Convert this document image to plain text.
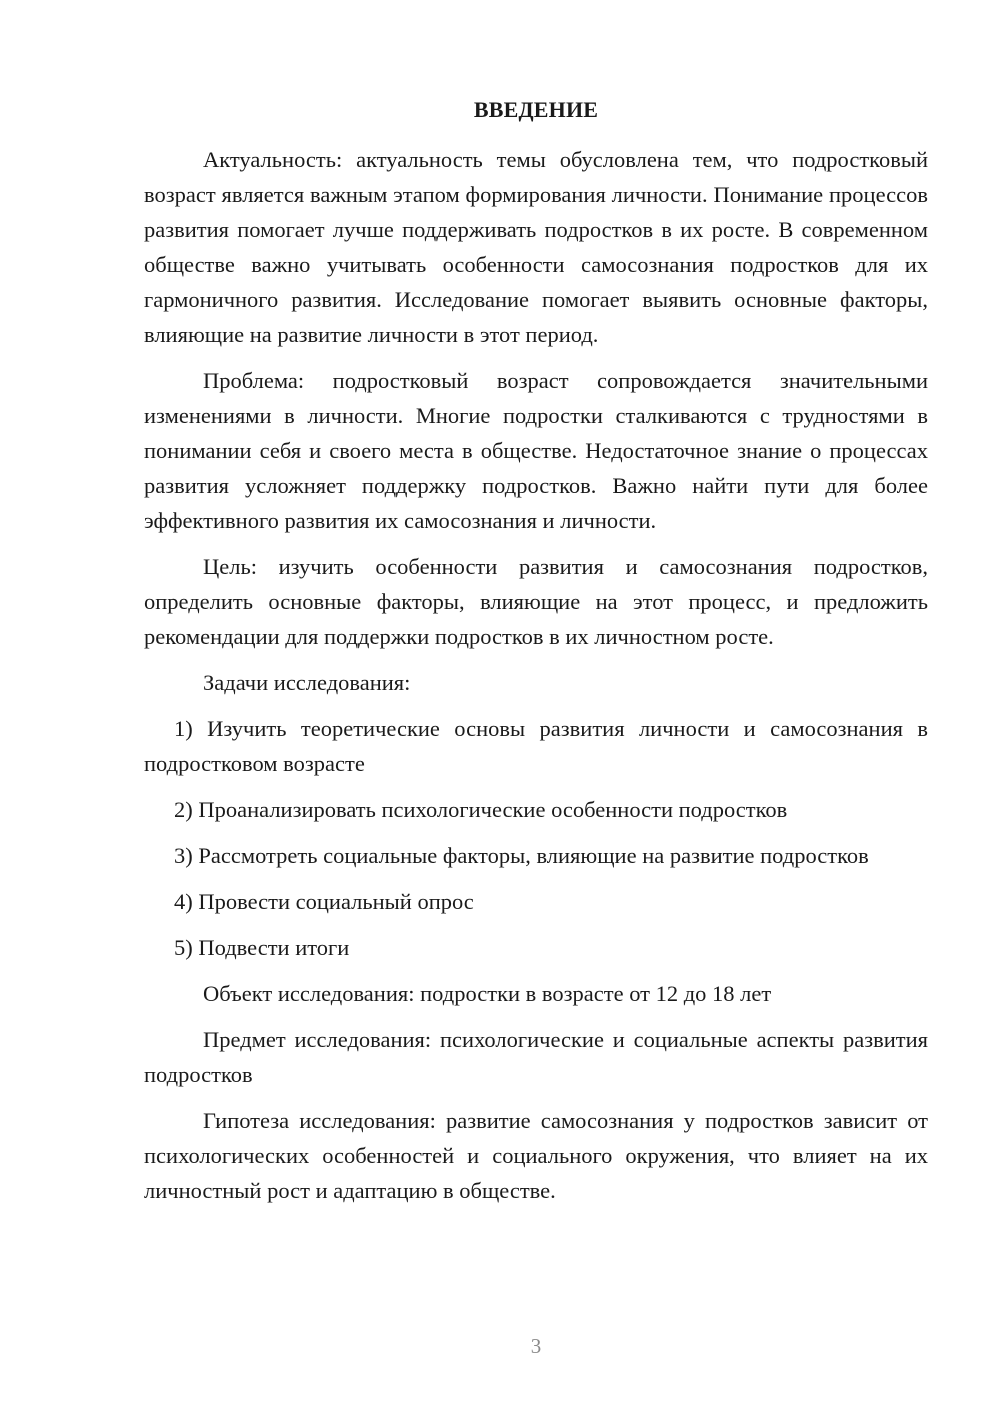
ВВЕДЕНИЕ

Актуальность: актуальность темы обусловлена тем, что подростковый возраст является важным этапом формирования личности. Понимание процессов развития помогает лучше поддерживать подростков в их росте. В современном обществе важно учитывать особенности самосознания подростков для их гармоничного развития. Исследование помогает выявить основные факторы, влияющие на развитие личности в этот период.

Проблема: подростковый возраст сопровождается значительными изменениями в личности. Многие подростки сталкиваются с трудностями в понимании себя и своего места в обществе. Недостаточное знание о процессах развития усложняет поддержку подростков. Важно найти пути для более эффективного развития их самосознания и личности.

Цель: изучить особенности развития и самосознания подростков, определить основные факторы, влияющие на этот процесс, и предложить рекомендации для поддержки подростков в их личностном росте.

Задачи исследования:

1) Изучить теоретические основы развития личности и самосознания в подростковом возрасте

2) Проанализировать психологические особенности подростков

3) Рассмотреть социальные факторы, влияющие на развитие подростков

4) Провести социальный опрос

5) Подвести итоги

Объект исследования: подростки в возрасте от 12 до 18 лет

Предмет исследования: психологические и социальные аспекты развития подростков

Гипотеза исследования: развитие самосознания у подростков зависит от психологических особенностей и социального окружения, что влияет на их личностный рост и адаптацию в обществе.

3
